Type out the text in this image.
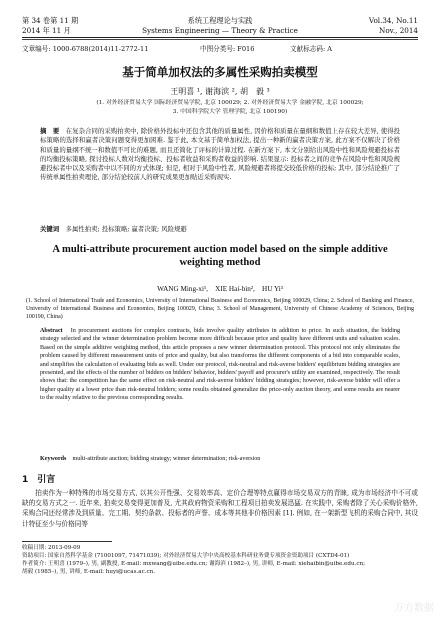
第 34 卷第 11 期	系统工程理论与实践	Vol.34, No.11
2014 年 11 月	Systems Engineering — Theory & Practice	Nov., 2014
文章编号: 1000-6788(2014)11-2772-11	中图分类号: F016	文献标志码: A
基于简单加权法的多属性采购拍卖模型
王明喜 ¹, 谢海滨 ², 胡　毅 ³
(1. 对外经济贸易大学 国际经济贸易学院, 北京 100029; 2. 对外经济贸易大学 金融学院, 北京 100029;
3. 中国科学院大学 管理学院, 北京 100190)
摘　要　 在复杂合同的采购拍卖中, 除价格外投标中还包含其他的质量属性, 因价格和质量在量纲和数值上存在较大差异, 使得投标策略的选择和赢者决策问题变得更加困难. 鉴于此, 本文基于简单加权法, 提出一种新的赢者决策方案, 此方案不仅解决了价格和质量的量纲不统一和数值不可比的难题, 而且还简化了评标的计算过程. 在新方案下, 本文分别给出风险中性和风险规避投标者的均衡投标策略, 探讨投标人数对均衡投标、投标者收益和采购者收益的影响. 结果显示: 投标者之间的竞争在风险中性和风险规避投标者中以及采购者中以不同的方式体现; 但是, 相对于风险中性者, 风险规避者将提交较低价格的投标; 其中, 部分结论推广了传统单属性拍卖理论, 部分结论较前人的研究成果更加贴近采购现实.
关键词　 多属性拍卖; 投标策略; 赢者决策; 风险规避
A multi-attribute procurement auction model based on the simple additive weighting method
WANG Ming-xi¹,　XIE Hai-bin²,　HU Yi³
(1. School of International Trade and Economics, University of International Business and Economics, Beijing 100029, China; 2. School of Banking and Finance, University of International Business and Economics, Beijing 100029, China; 3. School of Management, University of Chinese Academy of Sciences, Beijing 100190, China)
Abstract　 In procurement auctions for complex contracts, bids involve quality attributes in addition to price. In such situation, the bidding strategy selected and the winner determination problem become more difficult because price and quality have different units and valuation scales. Based on the simple additive weighting method, this article proposes a new winner determination protocol. This protocol not only eliminates the problem caused by different measurement units of price and quality, but also transforms the different components of a bid into comparable scales, and simplifies the calculation of evaluating bids as well. Under our protocol, risk-neutral and risk-averse bidders' equilibrium bidding strategies are presented, and the effects of the number of bidders on bidders' behavior, bidders' payoff and procurer's utility are examined, respectively. The result shows that: the competition has the same effect on risk-neutral and risk-averse bidders' bidding strategies; however, risk-averse bidder will offer a higher quality at a lower price than risk-neutral bidders; some results obtained generalize the price-only auction theory, and some results are nearer to the reality relative to the previous corresponding results.
Keywords　 multi-attribute auction; bidding strategy; winner determination; risk-aversion
1　引言
拍卖作为一种特殊的市场交易方式, 以其公开性强、交易效率高、定价合理等特点赢得市场交易双方的青睐, 成为市场经济中不可或缺的交易方式之一. 近年来, 拍卖交易变得更加普及, 尤其政府物资采购和工程项目拍卖发展迅猛. 在实践中, 采购者除了关心采购价格外, 采购合同还经常涉及到质量、完工期、契约条款、投标者的声誉、成本等其他非价格因素 [1]. 例如, 在一架新型飞机的采购合同中, 其设计特征至少与价格同等
收稿日期: 2013-09-09
资助项目: 国家自然科学基金 (71001097, 71471039); 对外经济贸易大学中央高校基本科研业务费专项资金资助项目 (CXTD4-01)
作者简介: 王明喜 (1979–), 男, 副教授, E-mail: mxwang@uibe.edu.cn; 谢海滨 (1982–), 男, 讲师, E-mail: xiehaibin@uibe.edu.cn;
胡毅 (1985–), 男, 讲师, E-mail: huyi@ucas.ac.cn.
万方数据
